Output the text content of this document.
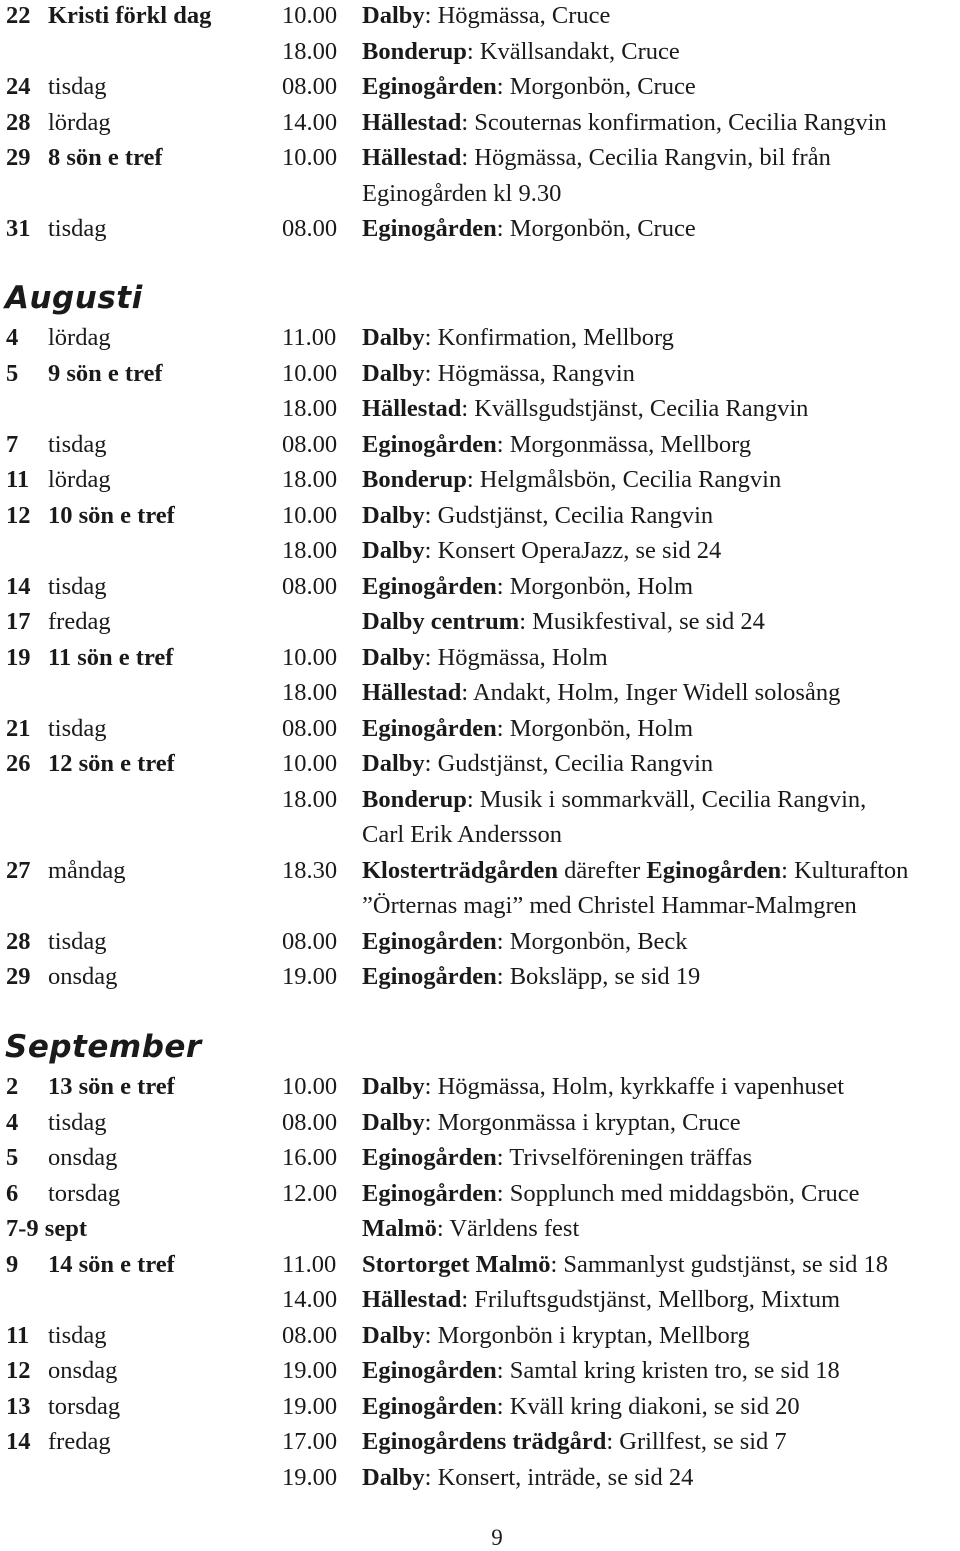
22 Kristi förkl dag	10.00 Dalby: Högmässa, Cruce
18.00 Bonderup: Kvällsandakt, Cruce
24 tisdag	08.00 Eginogården: Morgonbön, Cruce
28 lördag	14.00 Hällestad: Scouternas konfirmation, Cecilia Rangvin
29 8 sön e tref	10.00 Hällestad: Högmässa, Cecilia Rangvin, bil från
Eginogården kl 9.30
31 tisdag	08.00 Eginogården: Morgonbön, Cruce
Augusti
4 lördag	11.00 Dalby: Konfirmation, Mellborg
5 9 sön e tref	10.00 Dalby: Högmässa, Rangvin
18.00 Hällestad: Kvällsgudstjänst, Cecilia Rangvin
7 tisdag	08.00 Eginogården: Morgonmässa, Mellborg
11 lördag	18.00 Bonderup: Helgmålsbön, Cecilia Rangvin
12 10 sön e tref	10.00 Dalby: Gudstjänst, Cecilia Rangvin
18.00 Dalby: Konsert OperaJazz, se sid 24
14 tisdag	08.00 Eginogården: Morgonbön, Holm
17 fredag	Dalby centrum: Musikfestival, se sid 24
19 11 sön e tref	10.00 Dalby: Högmässa, Holm
18.00 Hällestad: Andakt, Holm, Inger Widell solosång
21 tisdag	08.00 Eginogården: Morgonbön, Holm
26 12 sön e tref	10.00 Dalby: Gudstjänst, Cecilia Rangvin
18.00 Bonderup: Musik i sommarkväll, Cecilia Rangvin,
Carl Erik Andersson
27 måndag	18.30 Klosterträdgården därefter Eginogården: Kulturafton
”Örternas magi” med Christel Hammar-Malmgren
28 tisdag	08.00 Eginogården: Morgonbön, Beck
29 onsdag	19.00 Eginogården: Boksläpp, se sid 19
September
2 13 sön e tref	10.00 Dalby: Högmässa, Holm, kyrkkaffe i vapenhuset
4 tisdag	08.00 Dalby: Morgonmässa i kryptan, Cruce
5 onsdag	16.00 Eginogården: Trivselföreningen träffas
6 torsdag	12.00 Eginogården: Sopplunch med middagsbön, Cruce
7-9 sept	Malmö: Världens fest
9 14 sön e tref	11.00 Stortorget Malmö: Sammanlyst gudstjänst, se sid 18
14.00 Hällestad: Friluftsgudstjänst, Mellborg, Mixtum
11 tisdag	08.00 Dalby: Morgonbön i kryptan, Mellborg
12 onsdag	19.00 Eginogården: Samtal kring kristen tro, se sid 18
13 torsdag	19.00 Eginogården: Kväll kring diakoni, se sid 20
14 fredag	17.00 Eginogårdens trädgård: Grillfest, se sid 7
19.00 Dalby: Konsert, inträde, se sid 24
9
